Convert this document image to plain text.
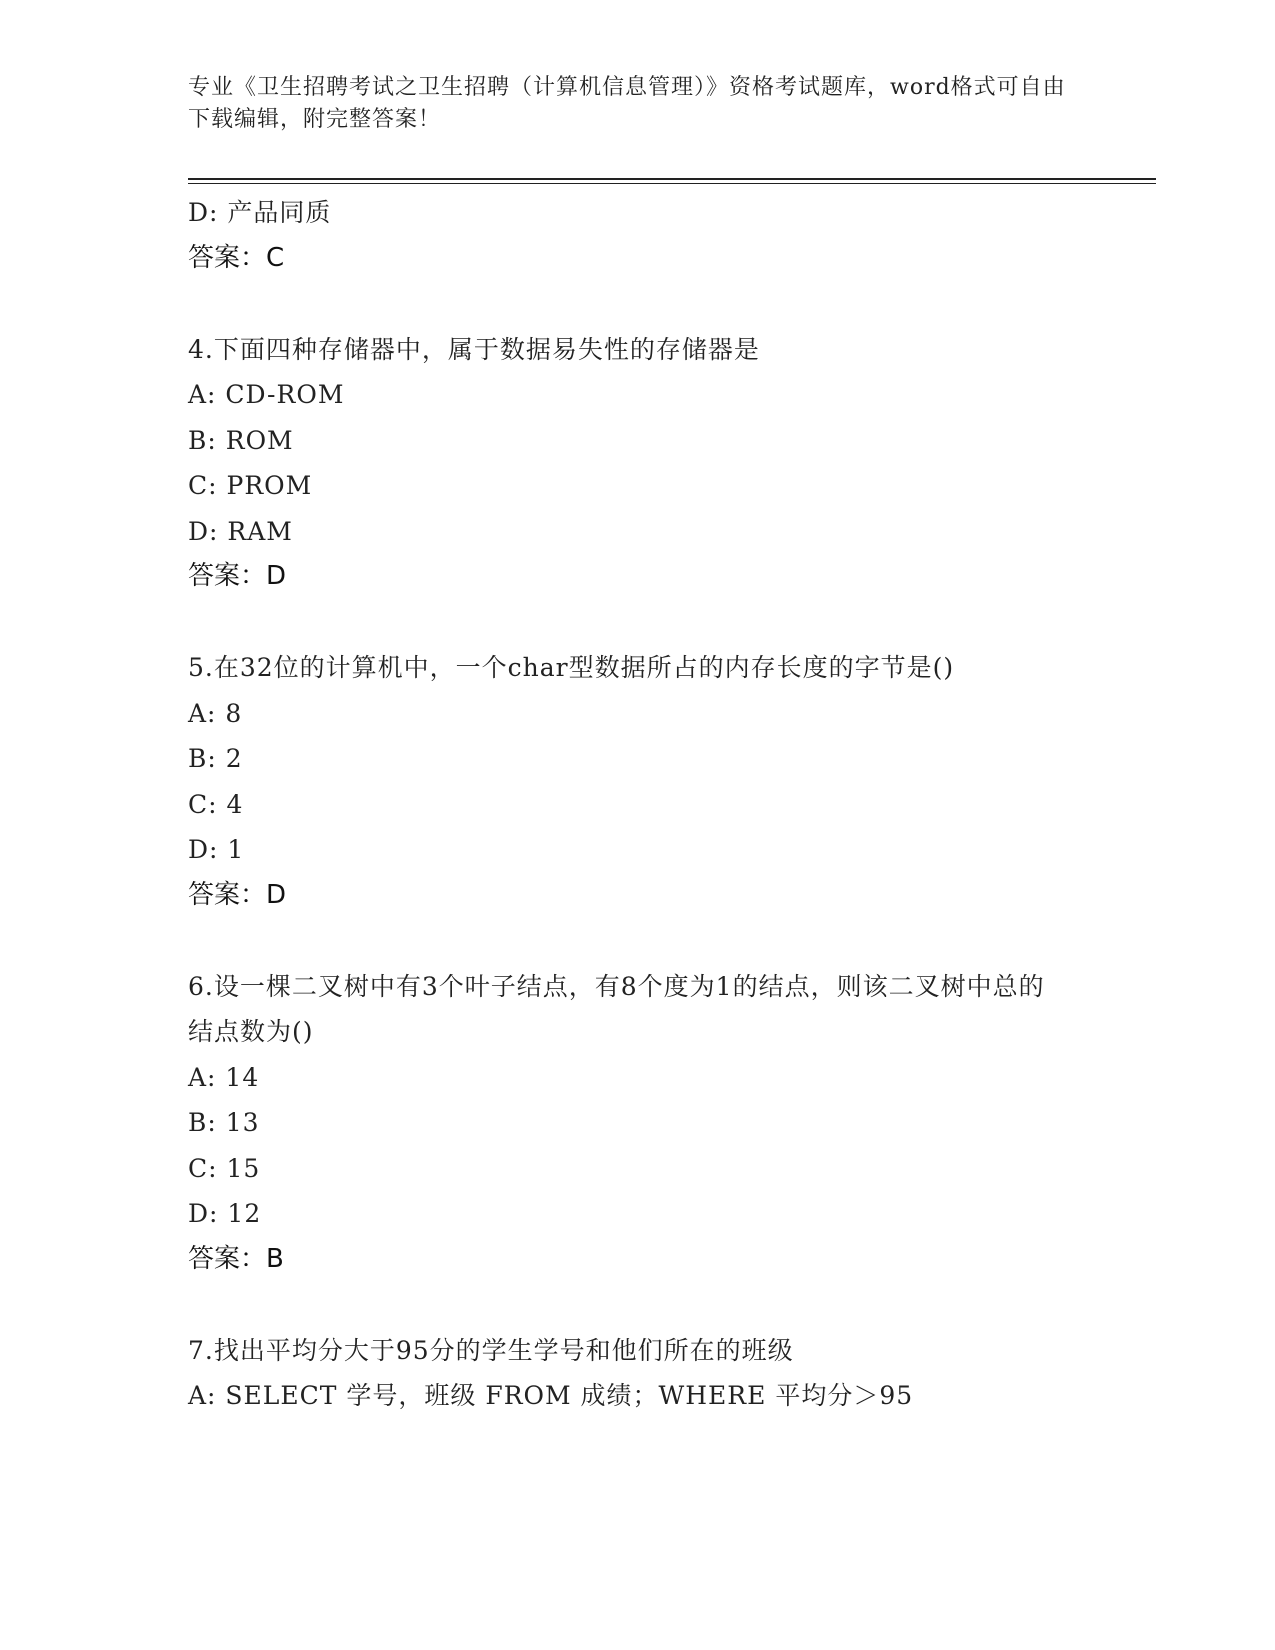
专业《卫生招聘考试之卫生招聘（计算机信息管理）》资格考试题库，word格式可自由下载编辑，附完整答案！
D: 产品同质
答案：C
4.下面四种存储器中，属于数据易失性的存储器是
A: CD-ROM
B: ROM
C: PROM
D: RAM
答案：D
5.在32位的计算机中，一个char型数据所占的内存长度的字节是()
A: 8
B: 2
C: 4
D: 1
答案：D
6.设一棵二叉树中有3个叶子结点，有8个度为1的结点，则该二叉树中总的结点数为()
A: 14
B: 13
C: 15
D: 12
答案：B
7.找出平均分大于95分的学生学号和他们所在的班级
A: SELECT 学号，班级 FROM 成绩；WHERE 平均分＞95
